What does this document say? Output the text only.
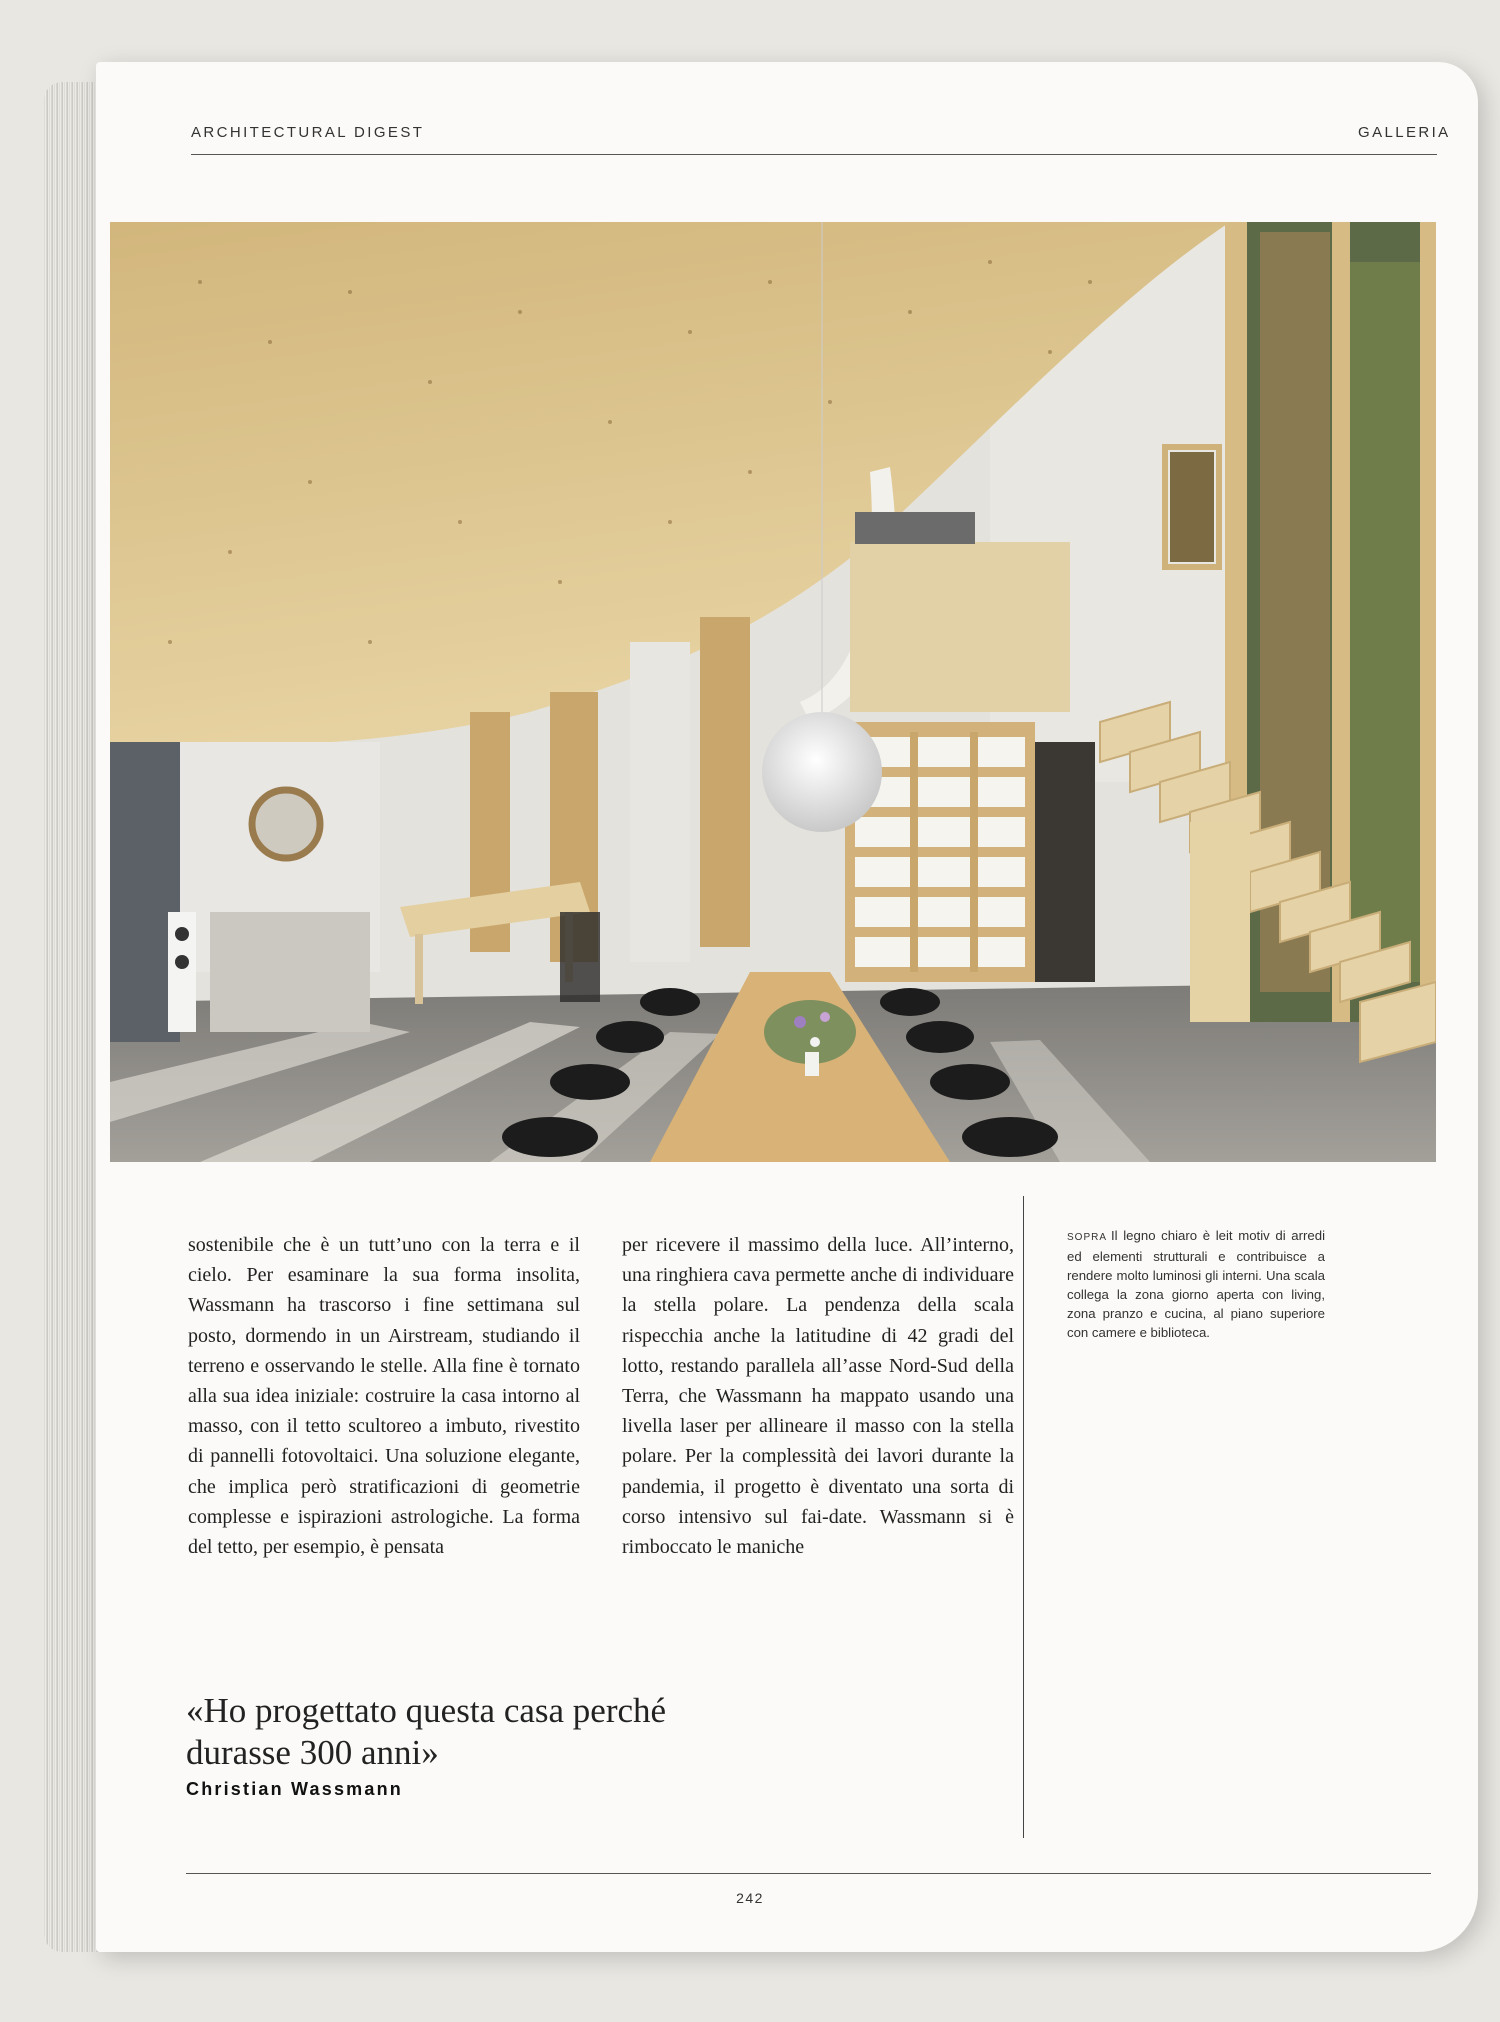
ARCHITECTURAL DIGEST	GALLERIA
sostenibile che è un tutt’uno con la terra e il cielo. Per esaminare la sua forma insolita, Wassmann ha trascorso i fine settimana sul posto, dormendo in un Airstream, studiando il terreno e osservando le stelle. Alla fine è tornato alla sua idea iniziale: costruire la casa intorno al masso, con il tetto scultoreo a imbuto, rivestito di pannelli fotovoltaici. Una soluzione elegante, che implica però stratificazioni di geometrie complesse e ispirazioni astrologiche. La forma del tetto, per esempio, è pensata
per ricevere il massimo della luce. All’interno, una ringhiera cava permette anche di individuare la stella polare. La pendenza della scala rispecchia anche la latitudine di 42 gradi del lotto, restando parallela all’asse Nord-Sud della Terra, che Wassmann ha mappato usando una livella laser per allineare il masso con la stella polare. Per la complessità dei lavori durante la pandemia, il progetto è diventato una sorta di corso intensivo sul fai-date. Wassmann si è rimboccato le maniche
SOPRA Il legno chiaro è leit motiv di arredi ed elementi strutturali e contribuisce a rendere molto luminosi gli interni. Una scala collega la zona giorno aperta con living, zona pranzo e cucina, al piano superiore con camere e biblioteca.
«Ho progettato questa casa perché durasse 300 anni»
Christian Wassmann
242
